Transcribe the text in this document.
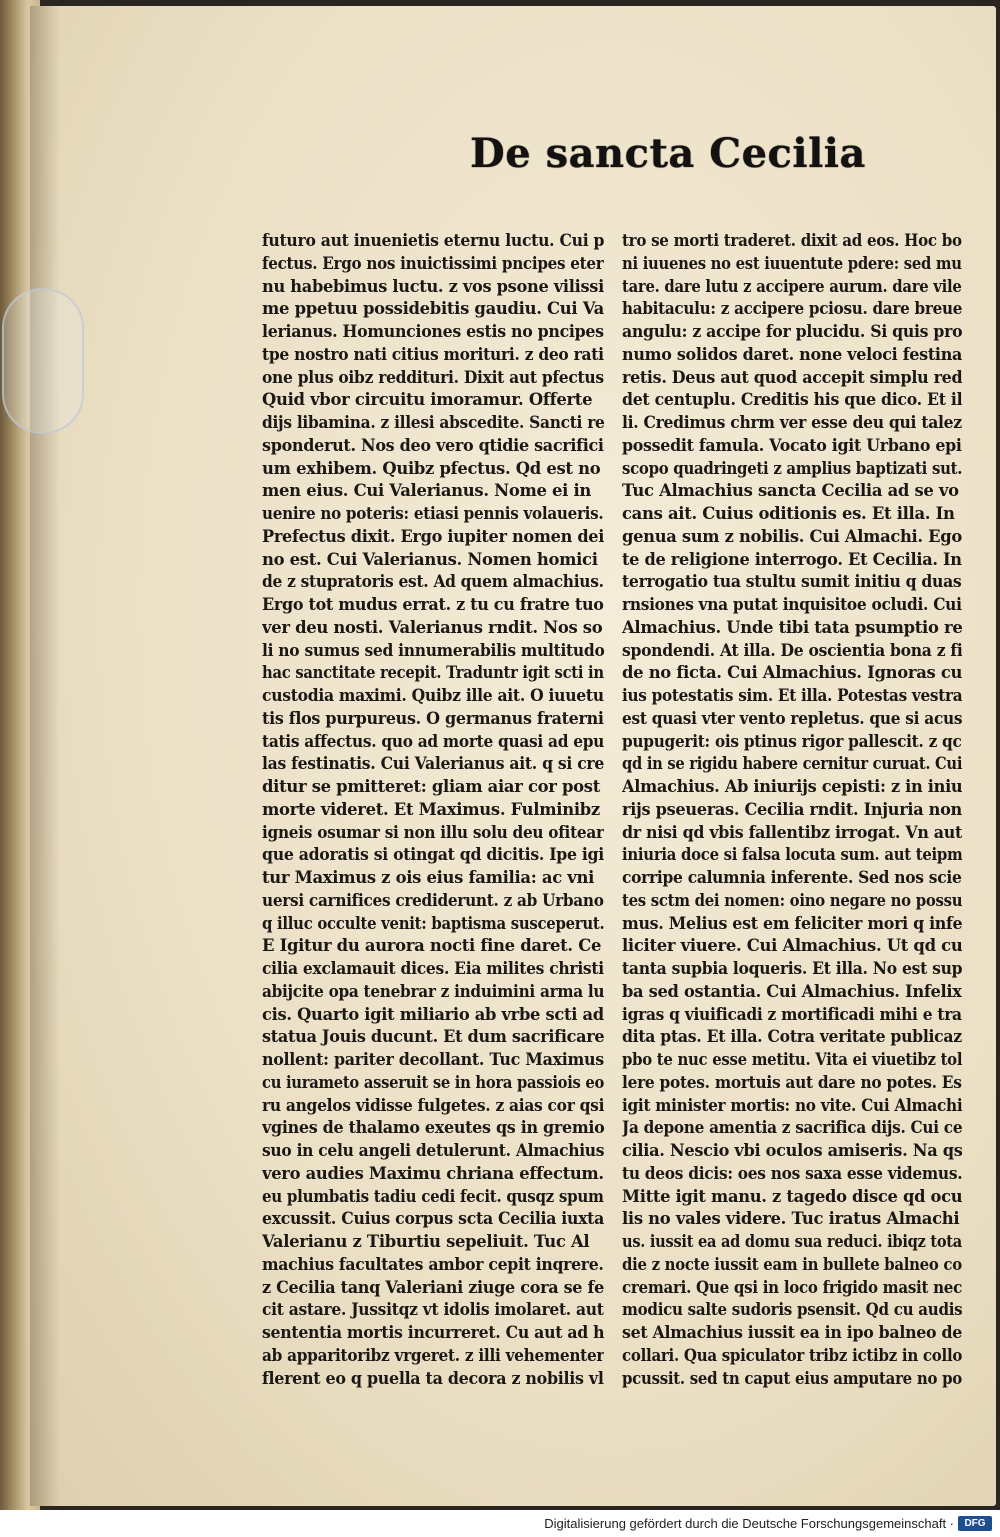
De sancta Cecilia
futuro aut inuenietis eternu luctu. Cui p
fectus. Ergo nos inuictissimi pncipes eter
nu habebimus luctu. z vos psone vilissi
me ppetuu possidebitis gaudiu. Cui Va
lerianus. Homunciones estis no pncipes
tpe nostro nati citius morituri. z deo rati
one plus oibz reddituri. Dixit aut pfectus
Quid vbor circuitu imoramur. Offerte
dijs libamina. z illesi abscedite. Sancti re
sponderut. Nos deo vero qtidie sacrifici
um exhibem. Quibz pfectus. Qd est no
men eius. Cui Valerianus. Nome ei in
uenire no poteris: etiasi pennis volaueris.
Prefectus dixit. Ergo iupiter nomen dei
no est. Cui Valerianus. Nomen homici
de z stupratoris est. Ad quem almachius.
Ergo tot mudus errat. z tu cu fratre tuo
ver deu nosti. Valerianus rndit. Nos so
li no sumus sed innumerabilis multitudo
hac sanctitate recepit. Traduntr igit scti in
custodia maximi. Quibz ille ait. O iuuetu
tis flos purpureus. O germanus fraterni
tatis affectus. quo ad morte quasi ad epu
las festinatis. Cui Valerianus ait. q si cre
ditur se pmitteret: gliam aiar cor post
morte videret. Et Maximus. Fulminibz
igneis osumar si non illu solu deu ofitear
que adoratis si otingat qd dicitis. Ipe igi
tur Maximus z ois eius familia: ac vni
uersi carnifices crediderunt. z ab Urbano
q illuc occulte venit: baptisma susceperut.
E Igitur du aurora nocti fine daret. Ce
cilia exclamauit dices. Eia milites christi
abijcite opa tenebrar z induimini arma lu
cis. Quarto igit miliario ab vrbe scti ad
statua Jouis ducunt. Et dum sacrificare
nollent: pariter decollant. Tuc Maximus
cu iurameto asseruit se in hora passiois eo
ru angelos vidisse fulgetes. z aias cor qsi
vgines de thalamo exeutes qs in gremio
suo in celu angeli detulerunt. Almachius
vero audies Maximu chriana effectum.
eu plumbatis tadiu cedi fecit. qusqz spum
excussit. Cuius corpus scta Cecilia iuxta
Valerianu z Tiburtiu sepeliuit. Tuc Al
machius facultates ambor cepit inqrere.
z Cecilia tanq Valeriani ziuge cora se fe
cit astare. Jussitqz vt idolis imolaret. aut
sententia mortis incurreret. Cu aut ad h
ab apparitoribz vrgeret. z illi vehementer
flerent eo q puella ta decora z nobilis vl
tro se morti traderet. dixit ad eos. Hoc bo
ni iuuenes no est iuuentute pdere: sed mu
tare. dare lutu z accipere aurum. dare vile
habitaculu: z accipere pciosu. dare breue
angulu: z accipe for plucidu. Si quis pro
numo solidos daret. none veloci festina
retis. Deus aut quod accepit simplu red
det centuplu. Creditis his que dico. Et il
li. Credimus chrm ver esse deu qui talez
possedit famula. Vocato igit Urbano epi
scopo quadringeti z amplius baptizati sut.
Tuc Almachius sancta Cecilia ad se vo
cans ait. Cuius oditionis es. Et illa. In
genua sum z nobilis. Cui Almachi. Ego
te de religione interrogo. Et Cecilia. In
terrogatio tua stultu sumit initiu q duas
rnsiones vna putat inquisitoe ocludi. Cui
Almachius. Unde tibi tata psumptio re
spondendi. At illa. De oscientia bona z fi
de no ficta. Cui Almachius. Ignoras cu
ius potestatis sim. Et illa. Potestas vestra
est quasi vter vento repletus. que si acus
pupugerit: ois ptinus rigor pallescit. z qc
qd in se rigidu habere cernitur curuat. Cui
Almachius. Ab iniurijs cepisti: z in iniu
rijs pseueras. Cecilia rndit. Injuria non
dr nisi qd vbis fallentibz irrogat. Vn aut
iniuria doce si falsa locuta sum. aut teipm
corripe calumnia inferente. Sed nos scie
tes sctm dei nomen: oino negare no possu
mus. Melius est em feliciter mori q infe
liciter viuere. Cui Almachius. Ut qd cu
tanta supbia loqueris. Et illa. No est sup
ba sed ostantia. Cui Almachius. Infelix
igras q viuificadi z mortificadi mihi e tra
dita ptas. Et illa. Cotra veritate publicaz
pbo te nuc esse metitu. Vita ei viuetibz tol
lere potes. mortuis aut dare no potes. Es
igit minister mortis: no vite. Cui Almachi
Ja depone amentia z sacrifica dijs. Cui ce
cilia. Nescio vbi oculos amiseris. Na qs
tu deos dicis: oes nos saxa esse videmus.
Mitte igit manu. z tagedo disce qd ocu
lis no vales videre. Tuc iratus Almachi
us. iussit ea ad domu sua reduci. ibiqz tota
die z nocte iussit eam in bullete balneo co
cremari. Que qsi in loco frigido masit nec
modicu salte sudoris psensit. Qd cu audis
set Almachius iussit ea in ipo balneo de
collari. Qua spiculator tribz ictibz in collo
pcussit. sed tn caput eius amputare no po
Digitalisierung gefördert durch die Deutsche Forschungsgemeinschaft ·	DFG
